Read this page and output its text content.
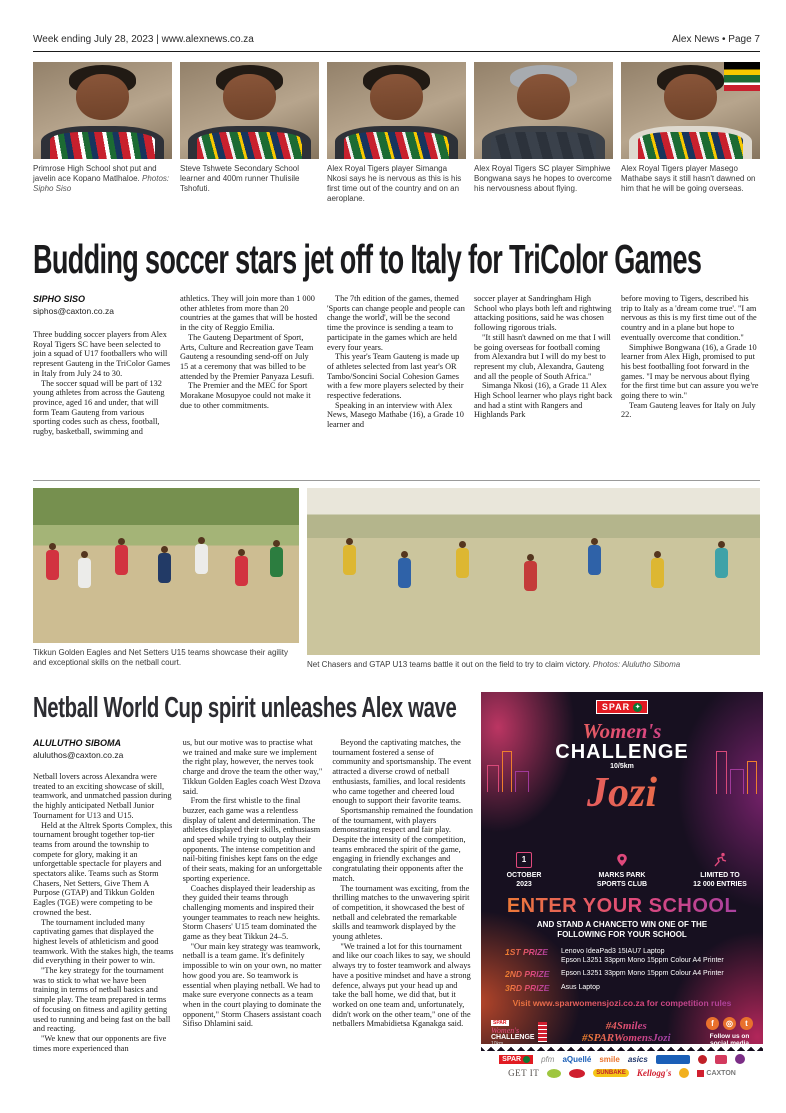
Week ending July 28, 2023 | www.alexnews.co.za	Alex News • Page 7
Primrose High School shot put and javelin ace Kopano Matlhaloe. Photos: Sipho Siso
Steve Tshwete Secondary School learner and 400m runner Thulisile Tshofuti.
Alex Royal Tigers player Simanga Nkosi says he is nervous as this is his first time out of the country and on an aeroplane.
Alex Royal Tigers SC player Simphiwe Bongwana says he hopes to overcome his nervousness about flying.
Alex Royal Tigers player Masego Mathabe says it still hasn't dawned on him that he will be going overseas.
Budding soccer stars jet off to Italy for TriColor Games
SIPHO SISO
siphos@caxton.co.za

Three budding soccer players from Alex Royal Tigers SC have been selected to join a squad of U17 footballers who will represent Gauteng in the TriColor Games in Italy from July 24 to 30.

The soccer squad will be part of 132 young athletes from across the Gauteng province, aged 16 and under, that will form Team Gauteng from various sporting codes such as chess, football, rugby, basketball, swimming and

athletics. They will join more than 1 000 other athletes from more than 20 countries at the games that will be hosted in the city of Reggio Emilia.

The Gauteng Department of Sport, Arts, Culture and Recreation gave Team Gauteng a resounding send-off on July 15 at a ceremony that was billed to be attended by the Premier Panyaza Lesufi.

The Premier and the MEC for Sport Morakane Mosupyoe could not make it due to other commitments.

The 7th edition of the games, themed 'Sports can change people and people can change the world', will be the second time the province is sending a team to participate in the games which are held every four years.

This year's Team Gauteng is made up of athletes selected from last year's OR Tambo/Soncini Social Cohesion Games with a few more players selected by their respective federations.

Speaking in an interview with Alex News, Masego Mathabe (16), a Grade 10 learner and

soccer player at Sandringham High School who plays both left and rightwing attacking positions, said he was chosen following rigorous trials.

"It still hasn't dawned on me that I will be going overseas for football coming from Alexandra but I will do my best to represent my club, Alexandra, Gauteng and all the people of South Africa."

Simanga Nkosi (16), a Grade 11 Alex High School learner who plays right back and had a stint with Rangers and Highlands Park

before moving to Tigers, described his trip to Italy as a 'dream come true'. "I am nervous as this is my first time out of the country and in a plane but hope to eventually overcome that condition."

Simphiwe Bongwana (16), a Grade 10 learner from Alex High, promised to put his best footballing foot forward in the games. "I may be nervous about flying for the first time but can assure you we're going there to win."

Team Gauteng leaves for Italy on July 22.

Tikkun Golden Eagles and Net Setters U15 teams showcase their agility and exceptional skills on the netball court.	Net Chasers and GTAP U13 teams battle it out on the field to try to claim victory. Photos: Alulutho Siboma
Netball World Cup spirit unleashes Alex wave
ALULUTHO SIBOMA
aluluthos@caxton.co.za

Netball lovers across Alexandra were treated to an exciting showcase of skill, teamwork, and unmatched passion during the highly anticipated Netball Junior Tournament for U13 and U15.

Held at the Altrek Sports Complex, this tournament brought together top-tier teams from around the township to compete for glory, making it an unforgettable spectacle for players and spectators alike. Teams such as Storm Chasers, Net Setters, Give Them A Purpose (GTAP) and Tikkun Golden Eagles (TGE) were competing to be crowned the best.

The tournament included many captivating games that displayed the highest levels of athleticism and good teamwork. With the stakes high, the teams did everything in their power to win.

"The key strategy for the tournament was to stick to what we have been training in terms of netball basics and simple play. The team prepared in terms of focusing on fitness and agility getting used to running and being fast on the ball and reacting.

"We knew that our opponents are five times more experienced than

us, but our motive was to practise what we trained and make sure we implement the right play, however, the nerves took charge and drove the team the other way," Tikkun Golden Eagles coach West Dzova said.

From the first whistle to the final buzzer, each game was a relentless display of talent and determination. The athletes displayed their skills, enthusiasm and speed while trying to outplay their opponents. The intense competition and nail-biting finishes kept fans on the edge of their seats, making for an unforgettable sporting experience.

Coaches displayed their leadership as they guided their teams through challenging moments and inspired their younger teammates to reach new heights. Storm Chasers' U15 team dominated the game as they beat Tikkun 24–5.

"Our main key strategy was teamwork, netball is a team game. It's definitely impossible to win on your own, no matter how good you are. So teamwork is essential when playing netball. We had to make sure everyone connects as a team when in the court playing to dominate the opponent," Storm Chasers assistant coach Sifiso Dhlamini said.

Beyond the captivating matches, the tournament fostered a sense of community and sportsmanship. The event attracted a diverse crowd of netball enthusiasts, families, and local residents who came together and cheered loud enough to support their favorite teams.

Sportsmanship remained the foundation of the tournament, with players demonstrating respect and fair play. Despite the intensity of the competition, teams embraced the spirit of the game, engaging in friendly exchanges and congratulating their opponents after the match.

The tournament was exciting, from the thrilling matches to the unwavering spirit of competition, it showcased the best of netball and celebrated the remarkable skills and teamwork displayed by the young athletes.

"We trained a lot for this tournament and like our coach likes to say, we should always try to foster teamwork and always have a positive mindset and have a strong defence, always put your head up and take the ball home, we did that, but it worked on one team and, unfortunately, didn't work on the other team," one of the netballers Mmabidietsa Kganakga said.

SPAR ✦
Women's
CHALLENGE
10/5km
Jozi
1
OCTOBER
2023
MARKS PARK
SPORTS CLUB
LIMITED TO
12 000 ENTRIES
ENTER YOUR SCHOOL
AND STAND A CHANCETO WIN ONE OF THE
FOLLOWING FOR YOUR SCHOOL
1ST PRIZE	Lenovo IdeaPad3 15IAU7 Laptop
Epson L3251 33ppm Mono 15ppm Colour A4 Printer
2ND PRIZE	Epson L3251 33ppm Mono 15ppm Colour A4 Printer
3RD PRIZE	Asus Laptop
Visit www.sparwomensjozi.co.za for competition rules
SPAR
Women's
CHALLENGE
10km
#4Smiles
#SPARWomensJozi
f	◎	t
Follow us on
social media
SPAR	pfm aQuellé smile asics
GET IT	SUNBAKE	Kellogg's	CAXTON
